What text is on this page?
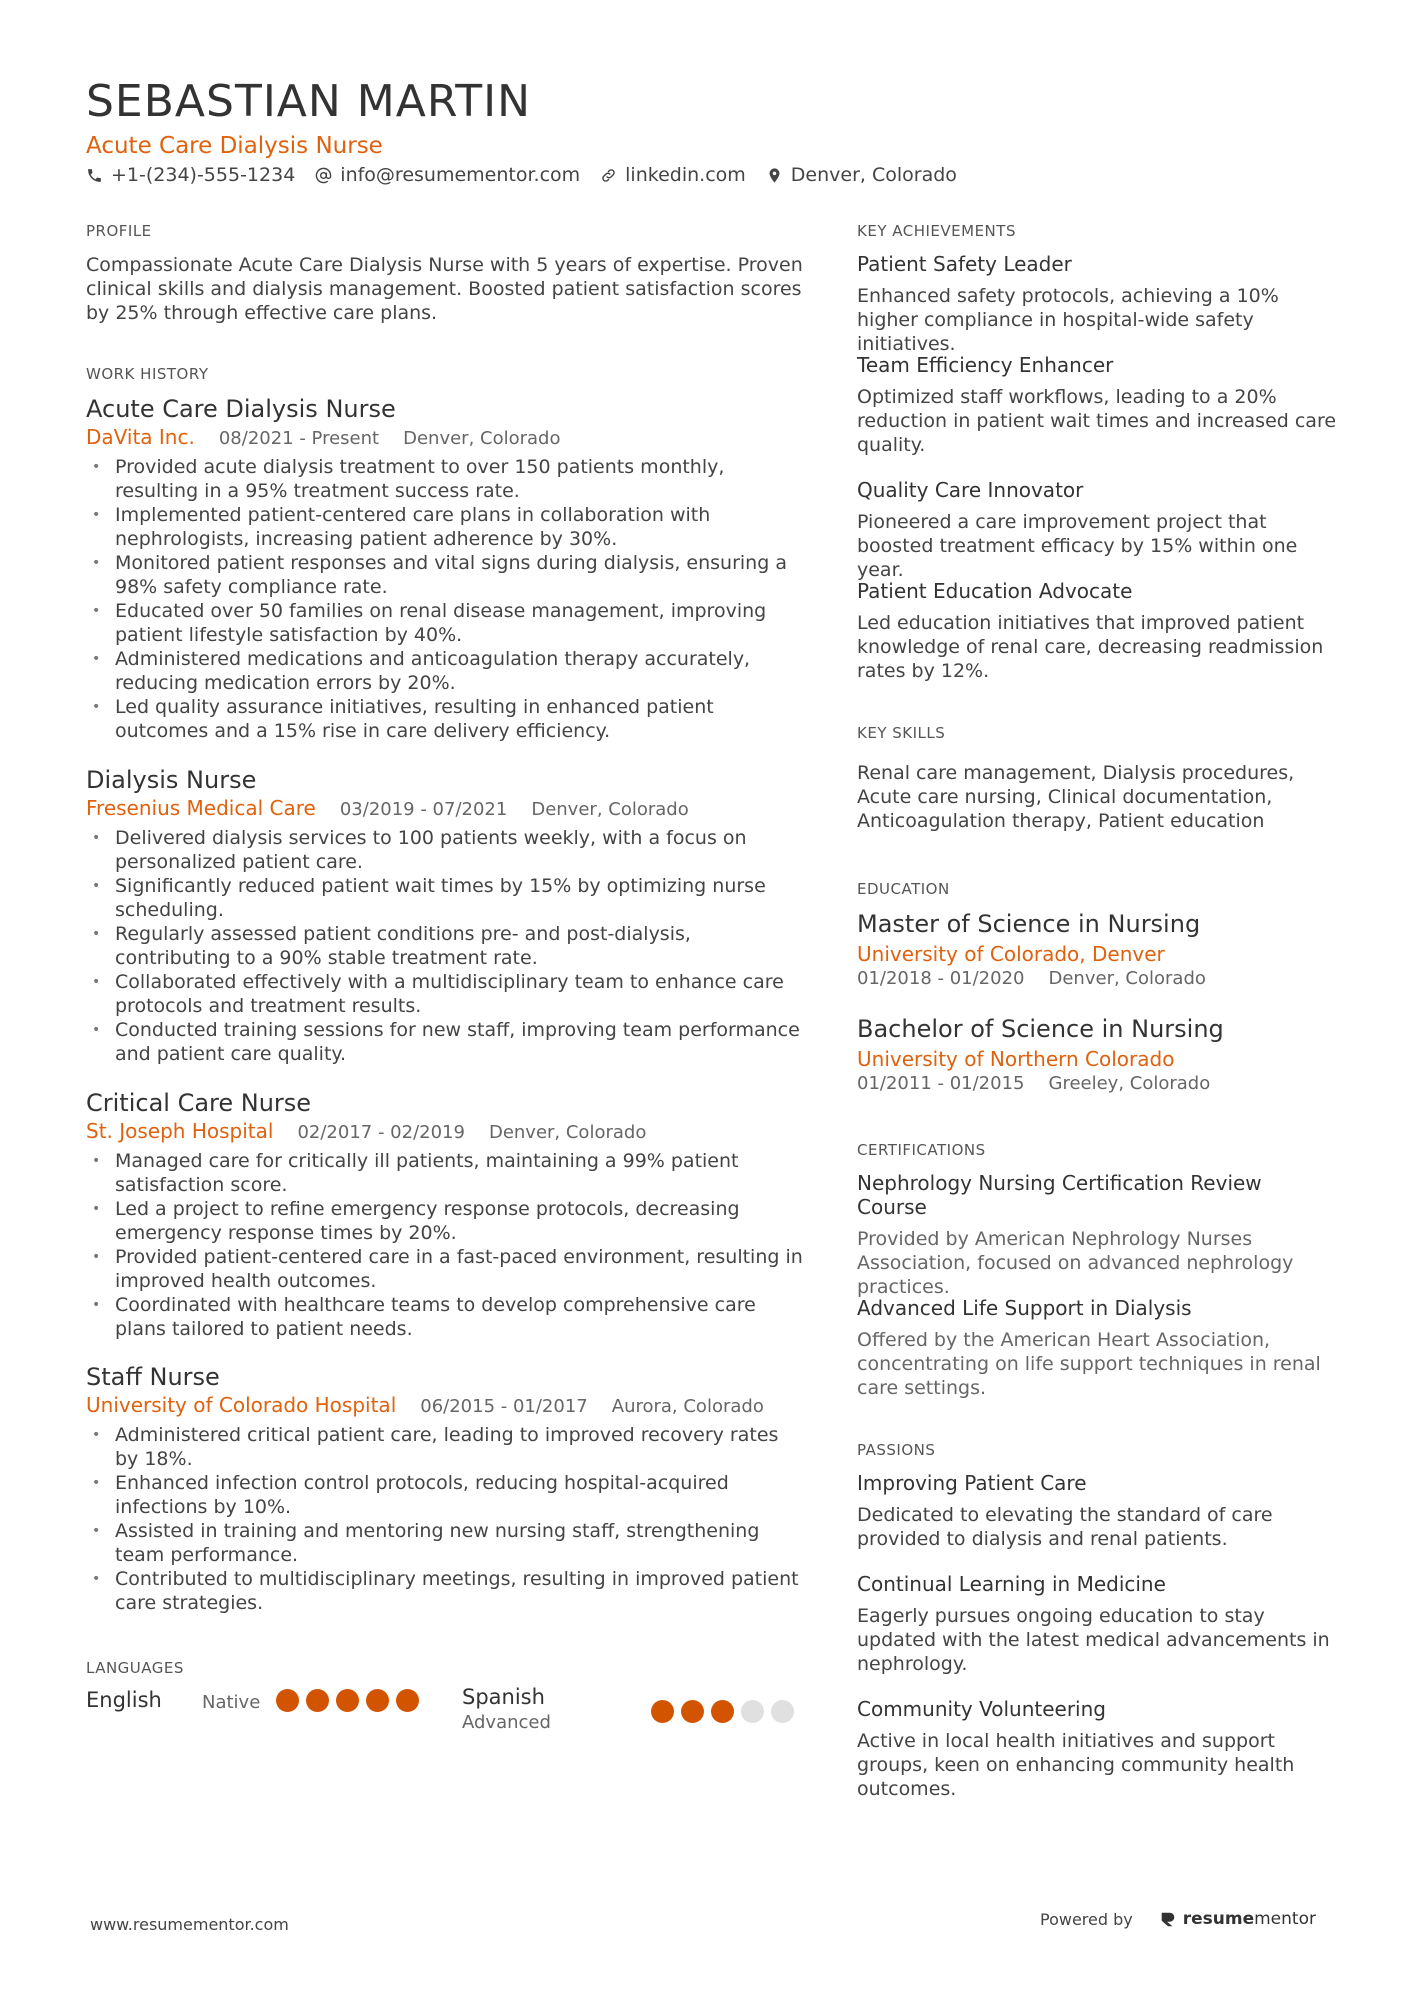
SEBASTIAN MARTIN
Acute Care Dialysis Nurse
+1-(234)-555-1234 info@resumementor.com linkedin.com Denver, Colorado
PROFILE
Compassionate Acute Care Dialysis Nurse with 5 years of expertise. Proven clinical skills and dialysis management. Boosted patient satisfaction scores by 25% through effective care plans.
WORK HISTORY
Acute Care Dialysis Nurse
DaVita Inc. 08/2021 - Present Denver, Colorado
• Provided acute dialysis treatment to over 150 patients monthly, resulting in a 95% treatment success rate.
• Implemented patient-centered care plans in collaboration with nephrologists, increasing patient adherence by 30%.
• Monitored patient responses and vital signs during dialysis, ensuring a 98% safety compliance rate.
• Educated over 50 families on renal disease management, improving patient lifestyle satisfaction by 40%.
• Administered medications and anticoagulation therapy accurately, reducing medication errors by 20%.
• Led quality assurance initiatives, resulting in enhanced patient outcomes and a 15% rise in care delivery efficiency.
Dialysis Nurse
Fresenius Medical Care 03/2019 - 07/2021 Denver, Colorado
• Delivered dialysis services to 100 patients weekly, with a focus on personalized patient care.
• Significantly reduced patient wait times by 15% by optimizing nurse scheduling.
• Regularly assessed patient conditions pre- and post-dialysis, contributing to a 90% stable treatment rate.
• Collaborated effectively with a multidisciplinary team to enhance care protocols and treatment results.
• Conducted training sessions for new staff, improving team performance and patient care quality.
Critical Care Nurse
St. Joseph Hospital 02/2017 - 02/2019 Denver, Colorado
• Managed care for critically ill patients, maintaining a 99% patient satisfaction score.
• Led a project to refine emergency response protocols, decreasing emergency response times by 20%.
• Provided patient-centered care in a fast-paced environment, resulting in improved health outcomes.
• Coordinated with healthcare teams to develop comprehensive care plans tailored to patient needs.
Staff Nurse
University of Colorado Hospital 06/2015 - 01/2017 Aurora, Colorado
• Administered critical patient care, leading to improved recovery rates by 18%.
• Enhanced infection control protocols, reducing hospital-acquired infections by 10%.
• Assisted in training and mentoring new nursing staff, strengthening team performance.
• Contributed to multidisciplinary meetings, resulting in improved patient care strategies.
LANGUAGES
English Native	Spanish
Advanced
KEY ACHIEVEMENTS
Patient Safety Leader
Enhanced safety protocols, achieving a 10% higher compliance in hospital-wide safety initiatives.
Team Efficiency Enhancer
Optimized staff workflows, leading to a 20% reduction in patient wait times and increased care quality.
Quality Care Innovator
Pioneered a care improvement project that boosted treatment efficacy by 15% within one year.
Patient Education Advocate
Led education initiatives that improved patient knowledge of renal care, decreasing readmission rates by 12%.
KEY SKILLS
Renal care management, Dialysis procedures, Acute care nursing, Clinical documentation, Anticoagulation therapy, Patient education
EDUCATION
Master of Science in Nursing
University of Colorado, Denver
01/2018 - 01/2020 Denver, Colorado
Bachelor of Science in Nursing
University of Northern Colorado
01/2011 - 01/2015 Greeley, Colorado
CERTIFICATIONS
Nephrology Nursing Certification Review Course
Provided by American Nephrology Nurses Association, focused on advanced nephrology practices.
Advanced Life Support in Dialysis
Offered by the American Heart Association, concentrating on life support techniques in renal care settings.
PASSIONS
Improving Patient Care
Dedicated to elevating the standard of care provided to dialysis and renal patients.
Continual Learning in Medicine
Eagerly pursues ongoing education to stay updated with the latest medical advancements in nephrology.
Community Volunteering
Active in local health initiatives and support groups, keen on enhancing community health outcomes.
www.resumementor.com	Powered by	resumementor
